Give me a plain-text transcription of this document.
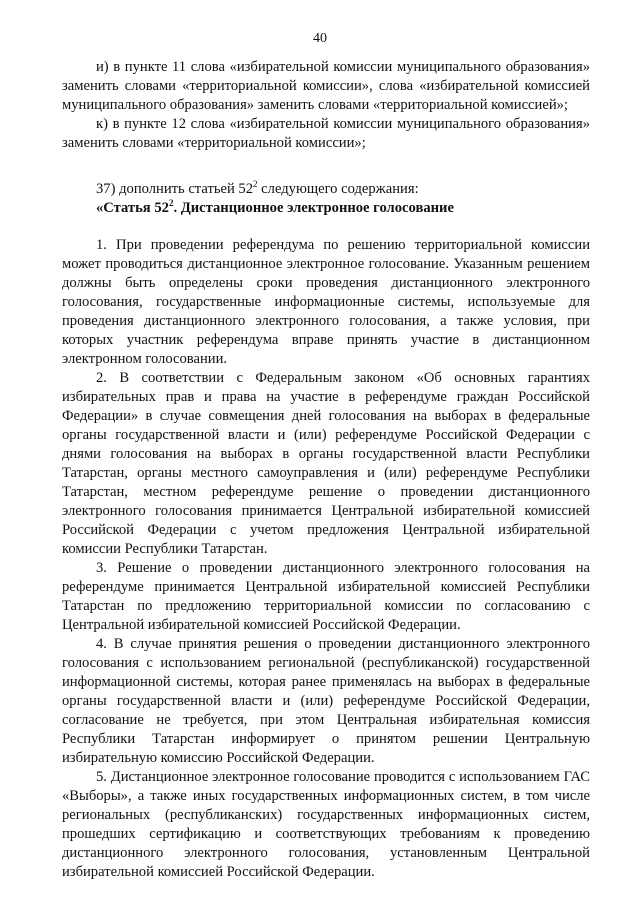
40

и) в пункте 11 слова «избирательной комиссии муниципального образования» заменить словами «территориальной комиссии», слова «избирательной комиссией муниципального образования» заменить словами «территориальной комиссией»;

к) в пункте 12 слова «избирательной комиссии муниципального образования» заменить словами «территориальной комиссии»;

37) дополнить статьей $52^2$ следующего содержания:

«Статья $52^2$. Дистанционное электронное голосование

1. При проведении референдума по решению территориальной комиссии может проводиться дистанционное электронное голосование. Указанным решением должны быть определены сроки проведения дистанционного электронного голосования, государственные информационные системы, используемые для проведения дистанционного электронного голосования, а также условия, при которых участник референдума вправе принять участие в дистанционном электронном голосовании.

2. В соответствии с Федеральным законом «Об основных гарантиях избирательных прав и права на участие в референдуме граждан Российской Федерации» в случае совмещения дней голосования на выборах в федеральные органы государственной власти и (или) референдуме Российской Федерации с днями голосования на выборах в органы государственной власти Республики Татарстан, органы местного самоуправления и (или) референдуме Республики Татарстан, местном референдуме решение о проведении дистанционного электронного голосования принимается Центральной избирательной комиссией Российской Федерации с учетом предложения Центральной избирательной комиссии Республики Татарстан.

3. Решение о проведении дистанционного электронного голосования на референдуме принимается Центральной избирательной комиссией Республики Татарстан по предложению территориальной комиссии по согласованию с Центральной избирательной комиссией Российской Федерации.

4. В случае принятия решения о проведении дистанционного электронного голосования с использованием региональной (республиканской) государственной информационной системы, которая ранее применялась на выборах в федеральные органы государственной власти и (или) референдуме Российской Федерации, согласование не требуется, при этом Центральная избирательная комиссия Республики Татарстан информирует о принятом решении Центральную избирательную комиссию Российской Федерации.

5. Дистанционное электронное голосование проводится с использованием ГАС «Выборы», а также иных государственных информационных систем, в том числе региональных (республиканских) государственных информационных систем, прошедших сертификацию и соответствующих требованиям к проведению дистанционного электронного голосования, установленным Центральной избирательной комиссией Российской Федерации.
